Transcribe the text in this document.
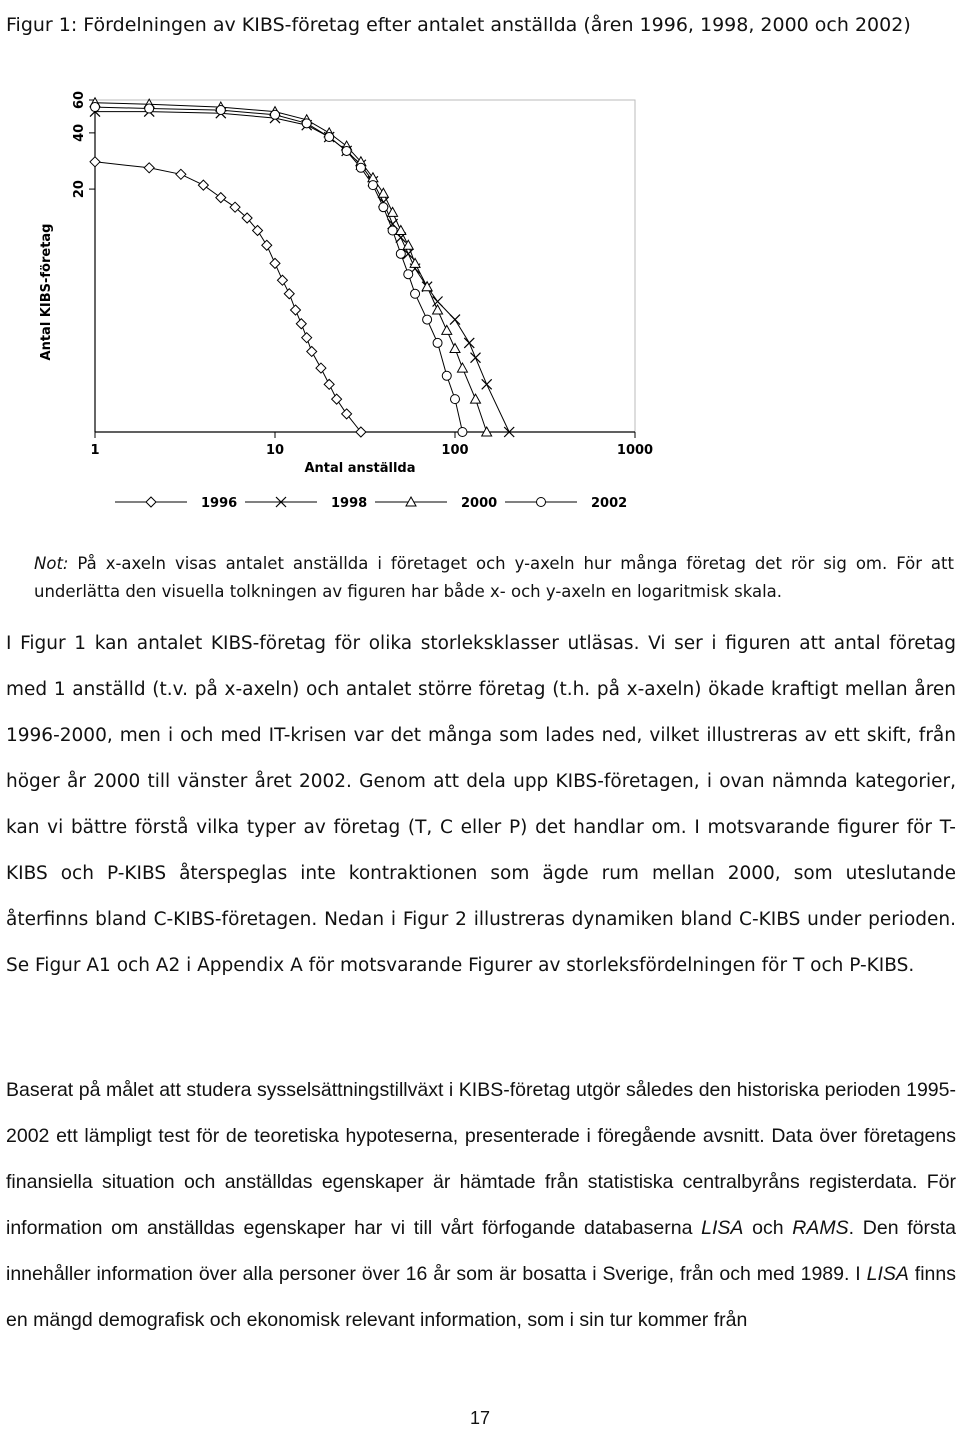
Figur 1: Fördelningen av KIBS-företag efter antalet anställda (åren 1996, 1998, 2000 och 2002)
1	10	100	1000
20
40
60
Antal anställda
Antal KIBS-företag
1996	1998	2000	2002
Not: På x-axeln visas antalet anställda i företaget och y-axeln hur många företag det rör sig om. För att underlätta den visuella tolkningen av figuren har både x- och y-axeln en logaritmisk skala.

I Figur 1 kan antalet KIBS-företag för olika storleksklasser utläsas. Vi ser i figuren att antal företag med 1 anställd (t.v. på x-axeln) och antalet större företag (t.h. på x-axeln) ökade kraftigt mellan åren 1996-2000, men i och med IT-krisen var det många som lades ned, vilket illustreras av ett skift, från höger år 2000 till vänster året 2002. Genom att dela upp KIBS-företagen, i ovan nämnda kategorier, kan vi bättre förstå vilka typer av företag (T, C eller P) det handlar om. I motsvarande figurer för T-KIBS och P-KIBS återspeglas inte kontraktionen som ägde rum mellan 2000, som uteslutande återfinns bland C-KIBS-företagen. Nedan i Figur 2 illustreras dynamiken bland C-KIBS under perioden. Se Figur A1 och A2 i Appendix A för motsvarande Figurer av storleksfördelningen för T och P-KIBS.

Baserat på målet att studera sysselsättningstillväxt i KIBS-företag utgör således den historiska perioden 1995-2002 ett lämpligt test för de teoretiska hypoteserna, presenterade i föregående avsnitt. Data över företagens finansiella situation och anställdas egenskaper är hämtade från statistiska centralbyråns registerdata. För information om anställdas egenskaper har vi till vårt förfogande databaserna LISA och RAMS. Den första innehåller information över alla personer över 16 år som är bosatta i Sverige, från och med 1989. I LISA finns en mängd demografisk och ekonomisk relevant information, som i sin tur kommer från

17
